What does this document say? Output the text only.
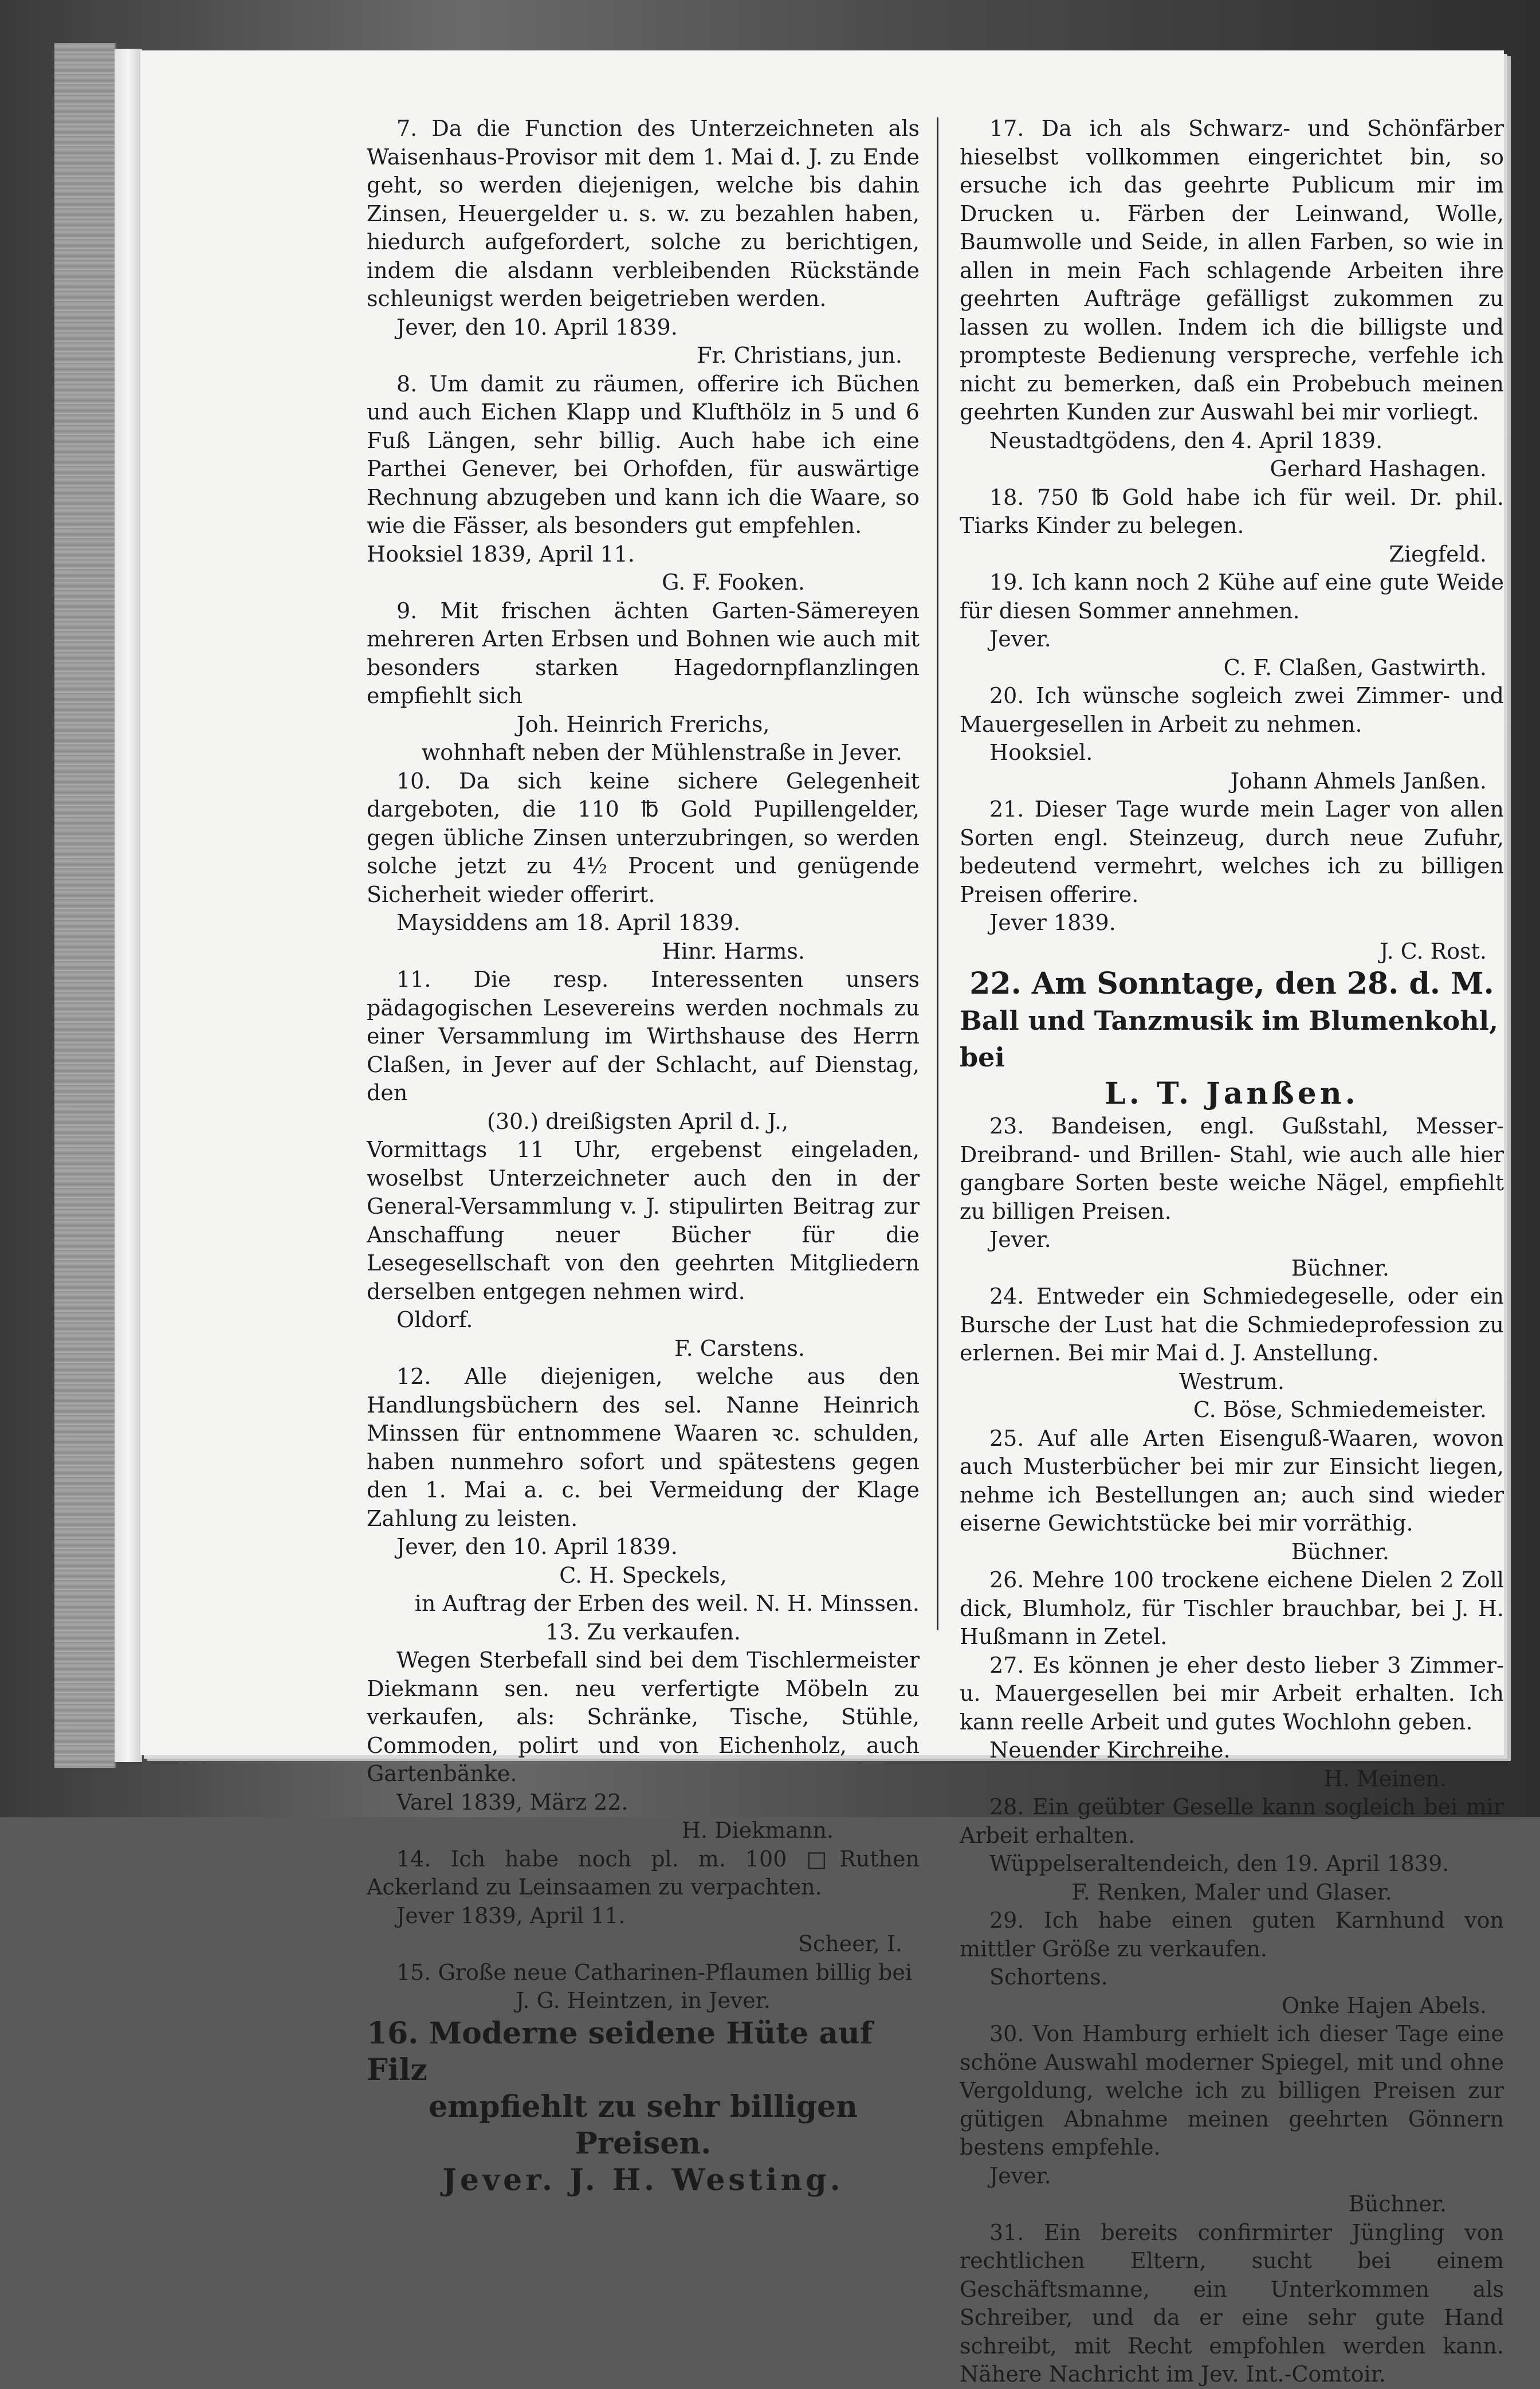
7. Da die Function des Unterzeichneten als Waisenhaus-Provisor mit dem 1. Mai d. J. zu Ende geht, so werden diejenigen, welche bis dahin Zinsen, Heuergelder u. s. w. zu bezahlen haben, hiedurch aufgefordert, solche zu berichtigen, indem die alsdann verbleibenden Rückstände schleunigst werden beigetrieben werden.

Jever, den 10. April 1839.

Fr. Christians, jun.

8. Um damit zu räumen, offerire ich Büchen und auch Eichen Klapp und Klufthölz in 5 und 6 Fuß Längen, sehr billig. Auch habe ich eine Parthei Genever, bei Orhofden, für auswärtige Rechnung abzugeben und kann ich die Waare, so wie die Fässer, als besonders gut empfehlen.

Hooksiel 1839, April 11.

G. F. Fooken.

9. Mit frischen ächten Garten-Sämereyen mehreren Arten Erbsen und Bohnen wie auch mit besonders starken Hagedornpflanzlingen empfiehlt sich

Joh. Heinrich Frerichs,

wohnhaft neben der Mühlenstraße in Jever.

10. Da sich keine sichere Gelegenheit dargeboten, die 110 ℔ Gold Pupillengelder, gegen übliche Zinsen unterzubringen, so werden solche jetzt zu 4½ Procent und genügende Sicherheit wieder offerirt.

Maysiddens am 18. April 1839.

Hinr. Harms.

11. Die resp. Interessenten unsers pädagogischen Lesevereins werden nochmals zu einer Versammlung im Wirthshause des Herrn Claßen, in Jever auf der Schlacht, auf Dienstag, den

(30.) dreißigsten April d. J.,

Vormittags 11 Uhr, ergebenst eingeladen, woselbst Unterzeichneter auch den in der General-Versammlung v. J. stipulirten Beitrag zur Anschaffung neuer Bücher für die Lesegesellschaft von den geehrten Mitgliedern derselben entgegen nehmen wird.

Oldorf.

F. Carstens.

12. Alle diejenigen, welche aus den Handlungsbüchern des sel. Nanne Heinrich Minssen für entnommene Waaren ꝛc. schulden, haben nunmehro sofort und spätestens gegen den 1. Mai a. c. bei Vermeidung der Klage Zahlung zu leisten.

Jever, den 10. April 1839.

C. H. Speckels,

in Auftrag der Erben des weil. N. H. Minssen.

13. Zu verkaufen.

Wegen Sterbefall sind bei dem Tischlermeister Diekmann sen. neu verfertigte Möbeln zu verkaufen, als: Schränke, Tische, Stühle, Commoden, polirt und von Eichenholz, auch Gartenbänke.

Varel 1839, März 22.

H. Diekmann.

14. Ich habe noch pl. m. 100 □Ruthen Ackerland zu Leinsaamen zu verpachten.

Jever 1839, April 11.

Scheer, I.

15. Große neue Catharinen-Pflaumen billig bei

J. G. Heintzen, in Jever.

16. Moderne seidene Hüte auf Filz

empfiehlt zu sehr billigen Preisen.

Jever. J. H. Westing.

17. Da ich als Schwarz- und Schönfärber hieselbst vollkommen eingerichtet bin, so ersuche ich das geehrte Publicum mir im Drucken u. Färben der Leinwand, Wolle, Baumwolle und Seide, in allen Farben, so wie in allen in mein Fach schlagende Arbeiten ihre geehrten Aufträge gefälligst zukommen zu lassen zu wollen. Indem ich die billigste und prompteste Bedienung verspreche, verfehle ich nicht zu bemerken, daß ein Probebuch meinen geehrten Kunden zur Auswahl bei mir vorliegt.

Neustadtgödens, den 4. April 1839.

Gerhard Hashagen.

18. 750 ℔ Gold habe ich für weil. Dr. phil. Tiarks Kinder zu belegen.

Ziegfeld.

19. Ich kann noch 2 Kühe auf eine gute Weide für diesen Sommer annehmen.

Jever.

C. F. Claßen, Gastwirth.

20. Ich wünsche sogleich zwei Zimmer- und Mauergesellen in Arbeit zu nehmen.

Hooksiel.

Johann Ahmels Janßen.

21. Dieser Tage wurde mein Lager von allen Sorten engl. Steinzeug, durch neue Zufuhr, bedeutend vermehrt, welches ich zu billigen Preisen offerire.

Jever 1839.

J. C. Rost.

22. Am Sonntage, den 28. d. M.

Ball und Tanzmusik im Blumenkohl, bei

L. T. Janßen.

23. Bandeisen, engl. Gußstahl, Messer- Dreibrand- und Brillen- Stahl, wie auch alle hier gangbare Sorten beste weiche Nägel, empfiehlt zu billigen Preisen.

Jever.

Büchner.

24. Entweder ein Schmiedegeselle, oder ein Bursche der Lust hat die Schmiedeprofession zu erlernen. Bei mir Mai d. J. Anstellung.

Westrum.

C. Böse, Schmiedemeister.

25. Auf alle Arten Eisenguß-Waaren, wovon auch Musterbücher bei mir zur Einsicht liegen, nehme ich Bestellungen an; auch sind wieder eiserne Gewichtstücke bei mir vorräthig.

Büchner.

26. Mehre 100 trockene eichene Dielen 2 Zoll dick, Blumholz, für Tischler brauchbar, bei J. H. Hußmann in Zetel.

27. Es können je eher desto lieber 3 Zimmer- u. Mauergesellen bei mir Arbeit erhalten. Ich kann reelle Arbeit und gutes Wochlohn geben.

Neuender Kirchreihe.

H. Meinen.

28. Ein geübter Geselle kann sogleich bei mir Arbeit erhalten.

Wüppelseraltendeich, den 19. April 1839.

F. Renken, Maler und Glaser.

29. Ich habe einen guten Karnhund von mittler Größe zu verkaufen.

Schortens.

Onke Hajen Abels.

30. Von Hamburg erhielt ich dieser Tage eine schöne Auswahl moderner Spiegel, mit und ohne Vergoldung, welche ich zu billigen Preisen zur gütigen Abnahme meinen geehrten Gönnern bestens empfehle.

Jever.

Büchner.

31. Ein bereits confirmirter Jüngling von rechtlichen Eltern, sucht bei einem Geschäftsmanne, ein Unterkommen als Schreiber, und da er eine sehr gute Hand schreibt, mit Recht empfohlen werden kann. Nähere Nachricht im Jev. Int.-Comtoir.
